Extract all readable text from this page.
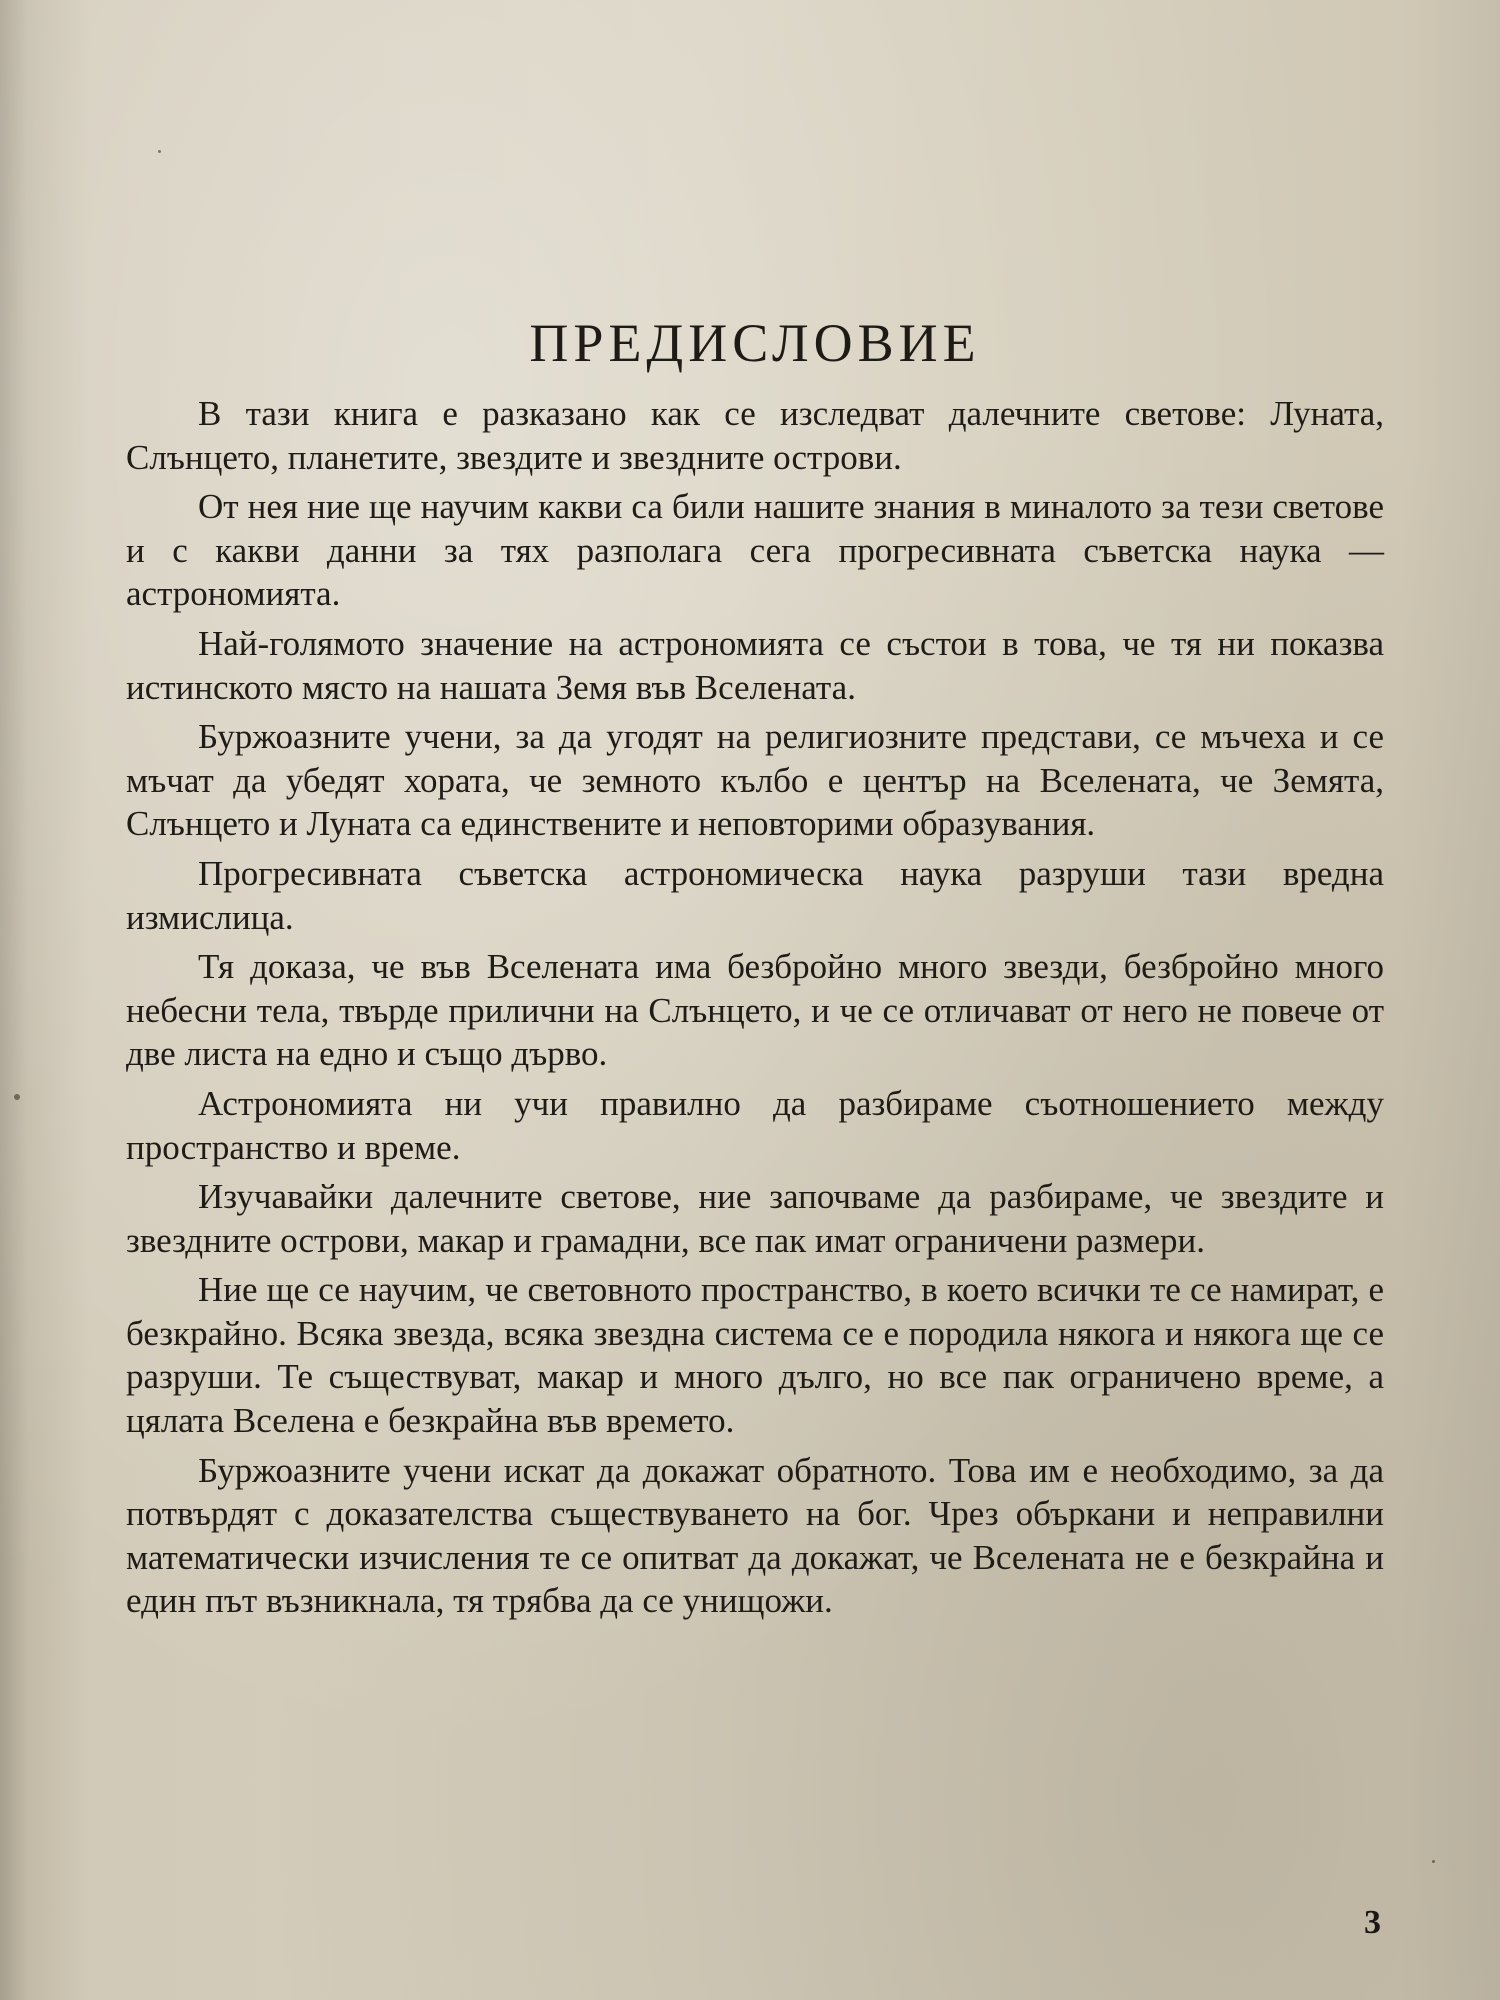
ПРЕДИСЛОВИЕ

В тази книга е разказано как се изследват далечните светове: Луната, Слънцето, планетите, звездите и звездните острови.

От нея ние ще научим какви са били нашите знания в миналото за тези светове и с какви данни за тях разполага сега прогресивната съветска наука — астрономията.

Най-голямото значение на астрономията се състои в това, че тя ни показва истинското място на нашата Земя във Вселената.

Буржоазните учени, за да угодят на религиозните представи, се мъчеха и се мъчат да убедят хората, че земното кълбо е център на Вселената, че Земята, Слънцето и Луната са единствените и неповторими образувания.

Прогресивната съветска астрономическа наука разруши тази вредна измислица.

Тя доказа, че във Вселената има безбройно много звезди, безбройно много небесни тела, твърде прилични на Слънцето, и че се отличават от него не повече от две листа на едно и също дърво.

Астрономията ни учи правилно да разбираме съотношението между пространство и време.

Изучавайки далечните светове, ние започваме да разбираме, че звездите и звездните острови, макар и грамадни, все пак имат ограничени размери.

Ние ще се научим, че световното пространство, в което всички те се намират, е безкрайно. Всяка звезда, всяка звездна система се е породила някога и някога ще се разруши. Те съществуват, макар и много дълго, но все пак ограничено време, а цялата Вселена е безкрайна във времето.

Буржоазните учени искат да докажат обратното. Това им е необходимо, за да потвърдят с доказателства съществуването на бог. Чрез объркани и неправилни математически изчисления те се опитват да докажат, че Вселената не е безкрайна и един път възникнала, тя трябва да се унищожи.

3
